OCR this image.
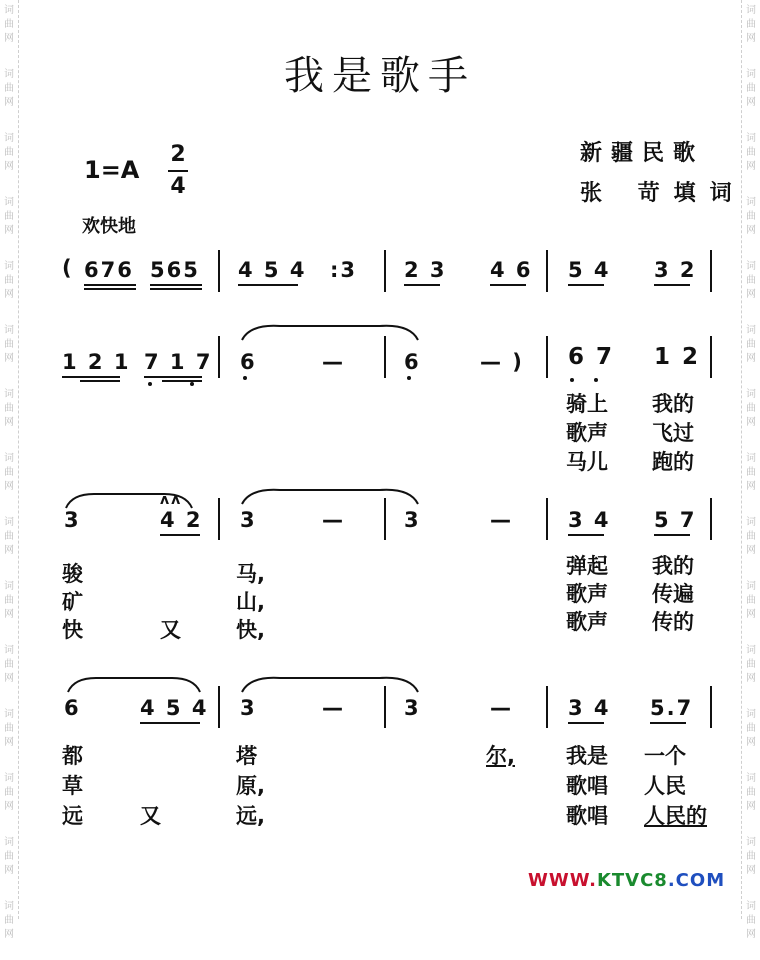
词
曲
网
词
曲
网
词
曲
网
词
曲
网
词
曲
网
词
曲
网
词
曲
网
词
曲
网
词
曲
网
词
曲
网
词
曲
网
词
曲
网
词
曲
网
词
曲
网
词
曲
网
词
曲
网
词
曲
网
词
曲
网
词
曲
网
词
曲
网
词
曲
网
词
曲
网
词
曲
网
词
曲
网
词
曲
网
词
曲
网
词
曲
网
词
曲
网
词
曲
网
词
曲
网
我是歌手
新疆民歌
张 苛填词
1=A
2
4
欢快地
( 676 565 4 5 4 :3 2 3 4 6 5 4 3 2
1 2 1 7 1 7 6	—	6	— ) 6 7 1 2
骑上 我的
歌声 飞过
马儿 跑的
ʌʌ
3	4 2 3	—	3	—	3 4 5 7
骏	马,
矿	山,
快	又	快,
弹起 我的
歌声 传遍
歌声 传的
6	4 5 4 3	—	3	—	3 4 5.7
都	塔	尔,
草	原,
远	又	远,
我是 一个
歌唱 人民
歌唱 人民的
WWW.KTVC8.COM
